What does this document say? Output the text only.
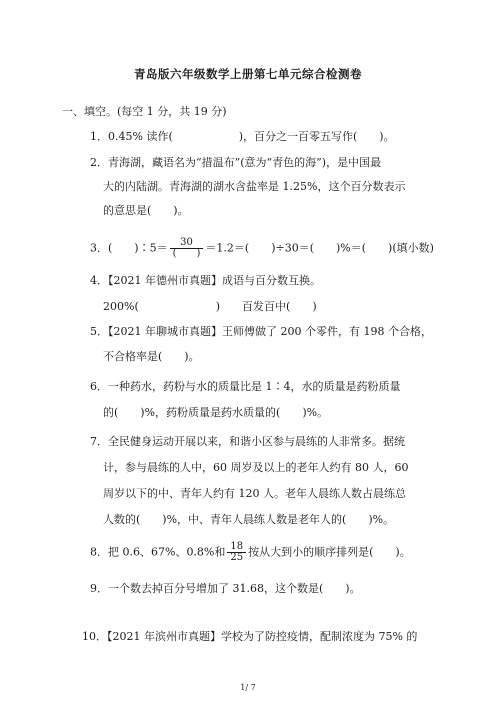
青岛版六年级数学上册第七单元综合检测卷
一、填空。(每空 1 分，共 19 分)
1．0.45% 读作(　　　　　　)，百分之一百零五写作(　　)。
2．青海湖，藏语名为“措温布”(意为“青色的海”)，是中国最
大的内陆湖。青海湖的湖水含盐率是 1.25%，这个百分数表示
的意思是(　　)。
3．(　　)∶5＝ $\frac{30}{( )} =1.2=$(　　)÷30＝(　　)%＝(　　)(填小数)
4．【2021 年德州市真题】成语与百分数互换。
200%(　　　　　　　)　　百发百中(　　)
5．【2021 年聊城市真题】王师傅做了 200 个零件，有 198 个合格，
不合格率是(　　)。
6．一种药水，药粉与水的质量比是 1∶4，水的质量是药粉质量
的(　　)%，药粉质量是药水质量的(　　)%。
7．全民健身运动开展以来，和谐小区参与晨练的人非常多。据统
计，参与晨练的人中，60 周岁及以上的老年人约有 80 人，60
周岁以下的中、青年人约有 120 人。老年人晨练人数占晨练总
人数的(　　)%，中、青年人晨练人数是老年人的(　　)%。
8．把 0.6、67%、0.8%和 $\frac{18}{25}$ 按从大到小的顺序排列是(　　)。
9．一个数去掉百分号增加了 31.68，这个数是(　　)。
10．【2021 年滨州市真题】学校为了防控疫情，配制浓度为 75% 的
1/ 7
